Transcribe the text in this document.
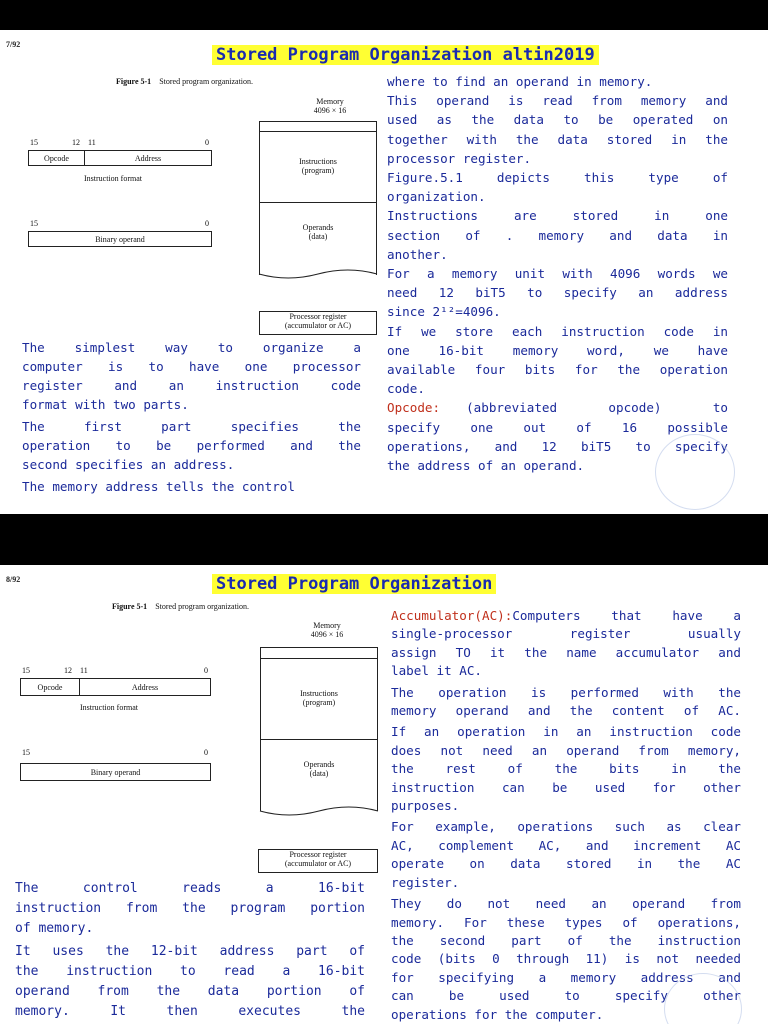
7/92
Stored Program Organization altin2019
Figure 5-1 Stored program organization.
15	12 11	0
Opcode	Address
Instruction format
15	0
Binary operand
Memory
4096 × 16
Instructions
(program)
Operands
(data)
Processor register
(accumulator or AC)

The simplest way to organize a

computer is to have one processor

register and an instruction code

format with two parts.

The first part specifies the

operation to be performed and the

second specifies an address.

The memory address tells the control

where to find an operand in memory.

This operand is read from memory and

used as the data to be operated on

together with the data stored in the

processor register.

Figure.5.1 depicts this type of

organization.

Instructions are stored in one

section of . memory and data in

another.

For a memory unit with 4096 words we

need 12 biT5 to specify an address

since 2¹²=4096.

If we store each instruction code in

one 16-bit memory word, we have

available four bits for the operation

code.

Opcode: (abbreviated opcode) to

specify one out of 16 possible

operations, and 12 biT5 to specify

the address of an operand.

8/92	Stored Program Organization
Figure 5-1 Stored program organization.
15	12 11	0
Opcode	Address
Instruction format
15	0
Binary operand
Memory
4096 × 16
Instructions
(program)
Operands
(data)
Processor register
(accumulator or AC)

The control reads a 16-bit

instruction from the program portion

of memory.

It uses the 12-bit address part of

the instruction to read a 16-bit

operand from the data portion of

memory. It then executes the

Accumulator(AC): Computers that have a

single-processor register usually

assign TO it the name accumulator and

label it AC.

The operation is performed with the

memory operand and the content of AC.

If an operation in an instruction code

does not need an operand from memory,

the rest of the bits in the

instruction can be used for other

purposes.

For example, operations such as clear

AC, complement AC, and increment AC

operate on data stored in the AC

register.

They do not need an operand from

memory. For these types of operations,

the second part of the instruction

code (bits 0 through 11) is not needed

for specifying a memory address and

can be used to specify other

operations for the computer.
